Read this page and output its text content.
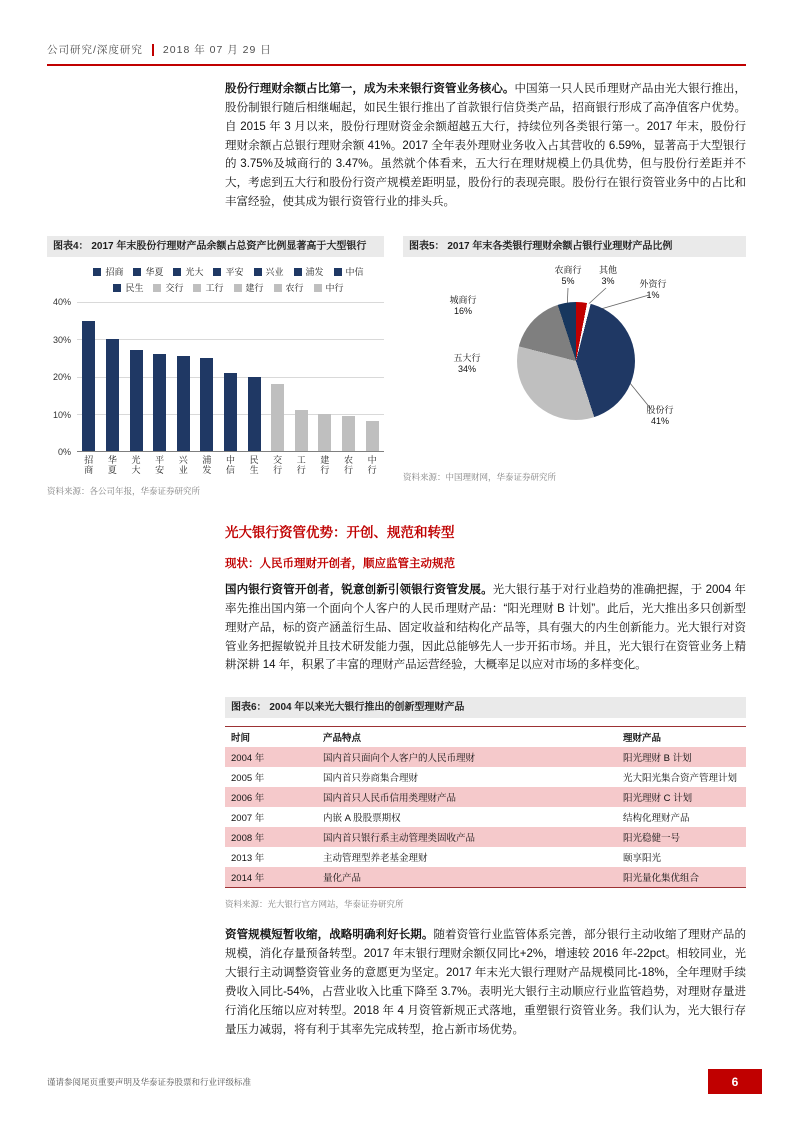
公司研究/深度研究 2018 年 07 月 29 日

股份行理财余额占比第一，成为未来银行资管业务核心。中国第一只人民币理财产品由光大银行推出，股份制银行随后相继崛起，如民生银行推出了首款银行信贷类产品，招商银行形成了高净值客户优势。自 2015 年 3 月以来，股份行理财资金余额超越五大行，持续位列各类银行第一。2017 年末，股份行理财余额占总银行理财余额 41%。2017 全年表外理财业务收入占其营收的 6.59%，显著高于大型银行的 3.75%及城商行的 3.47%。虽然就个体看来，五大行在理财规模上仍具优势，但与股份行差距并不大，考虑到五大行和股份行资产规模差距明显，股份行的表现亮眼。股份行在银行资管业务中的占比和丰富经验，使其成为银行资管行业的排头兵。

图表4： 2017 年末股份行理财产品余额占总资产比例显著高于大型银行
招商 华夏 光大 平安 兴业 浦发 中信
民生 交行 工行 建行 农行 中行
40%
30%
20%
10%
0%
招商 华夏 光大 平安 兴业 浦发 中信 民生 交行 工行 建行 农行 中行
资料来源：各公司年报，华泰证券研究所
图表5： 2017 年末各类银行理财余额占银行业理财产品比例
农商行
5%
其他
3%	外资行
1%
股份行
41%
五大行
34%
城商行
16%
资料来源：中国理财网，华泰证券研究所
光大银行资管优势：开创、规范和转型
现状：人民币理财开创者，顺应监管主动规范

国内银行资管开创者，锐意创新引领银行资管发展。光大银行基于对行业趋势的准确把握，于 2004 年率先推出国内第一个面向个人客户的人民币理财产品：“阳光理财 B 计划”。此后，光大推出多只创新型理财产品，标的资产涵盖衍生品、固定收益和结构化产品等，具有强大的内生创新能力。光大银行对资管业务把握敏锐并且技术研发能力强，因此总能够先人一步开拓市场。并且，光大银行在资管业务上精耕深耕 14 年，积累了丰富的理财产品运营经验，大概率足以应对市场的多样变化。

图表6： 2004 年以来光大银行推出的创新型理财产品
时间	产品特点	理财产品
2004 年	国内首只面向个人客户的人民币理财	阳光理财 B 计划
2005 年	国内首只券商集合理财	光大阳光集合资产管理计划
2006 年	国内首只人民币信用类理财产品	阳光理财 C 计划
2007 年	内嵌 A 股股票期权	结构化理财产品
2008 年	国内首只银行系主动管理类固收产品	阳光稳健一号
2013 年	主动管理型养老基金理财	颐享阳光
2014 年	量化产品	阳光量化集优组合
资料来源：光大银行官方网站，华泰证券研究所

资管规模短暂收缩，战略明确利好长期。随着资管行业监管体系完善，部分银行主动收缩了理财产品的规模，消化存量预备转型。2017 年末银行理财余额仅同比+2%，增速较 2016 年-22pct。相较同业，光大银行主动调整资管业务的意愿更为坚定。2017 年末光大银行理财产品规模同比-18%，全年理财手续费收入同比-54%，占营业收入比重下降至 3.7%。表明光大银行主动顺应行业监管趋势，对理财存量进行消化压缩以应对转型。2018 年 4 月资管新规正式落地，重塑银行资管业务。我们认为，光大银行存量压力减弱，将有利于其率先完成转型，抢占新市场优势。

谨请参阅尾页重要声明及华泰证券股票和行业评级标准	6
